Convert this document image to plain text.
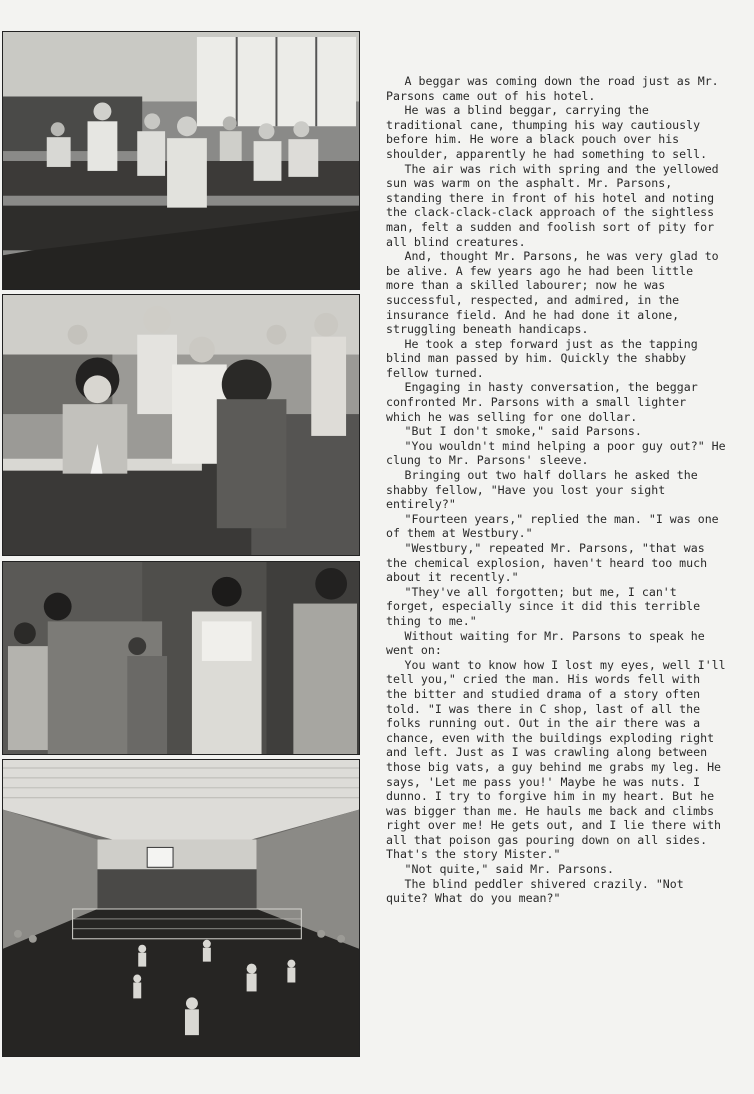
A beggar was coming down the road just as Mr. Parsons came out of his hotel.

He was a blind beggar, carrying the traditional cane, thumping his way cautiously before him. He wore a black pouch over his shoulder, apparently he had something to sell.

The air was rich with spring and the yellowed sun was warm on the asphalt. Mr. Parsons, standing there in front of his hotel and noting the clack-clack-clack approach of the sightless man, felt a sudden and foolish sort of pity for all blind creatures.

And, thought Mr. Parsons, he was very glad to be alive. A few years ago he had been little more than a skilled labourer; now he was successful, respected, and admired, in the insurance field. And he had done it alone, struggling beneath handicaps.

He took a step forward just as the tapping blind man passed by him. Quickly the shabby fellow turned.

Engaging in hasty conversation, the beggar confronted Mr. Parsons with a small lighter which he was selling for one dollar.

"But I don't smoke," said Parsons.

"You wouldn't mind helping a poor guy out?" He clung to Mr. Parsons' sleeve.

Bringing out two half dollars he asked the shabby fellow, "Have you lost your sight entirely?"

"Fourteen years," replied the man. "I was one of them at Westbury."

"Westbury," repeated Mr. Parsons, "that was the chemical explosion, haven't heard too much about it recently."

"They've all forgotten; but me, I can't forget, especially since it did this terrible thing to me."

Without waiting for Mr. Parsons to speak he went on:

You want to know how I lost my eyes, well I'll tell you," cried the man. His words fell with the bitter and studied drama of a story often told. "I was there in C shop, last of all the folks running out. Out in the air there was a chance, even with the buildings exploding right and left. Just as I was crawling along between those big vats, a guy behind me grabs my leg. He says, 'Let me pass you!' Maybe he was nuts. I dunno. I try to forgive him in my heart. But he was bigger than me. He hauls me back and climbs right over me! He gets out, and I lie there with all that poison gas pouring down on all sides. That's the story Mister."

"Not quite," said Mr. Parsons.

The blind peddler shivered crazily. "Not quite? What do you mean?"
